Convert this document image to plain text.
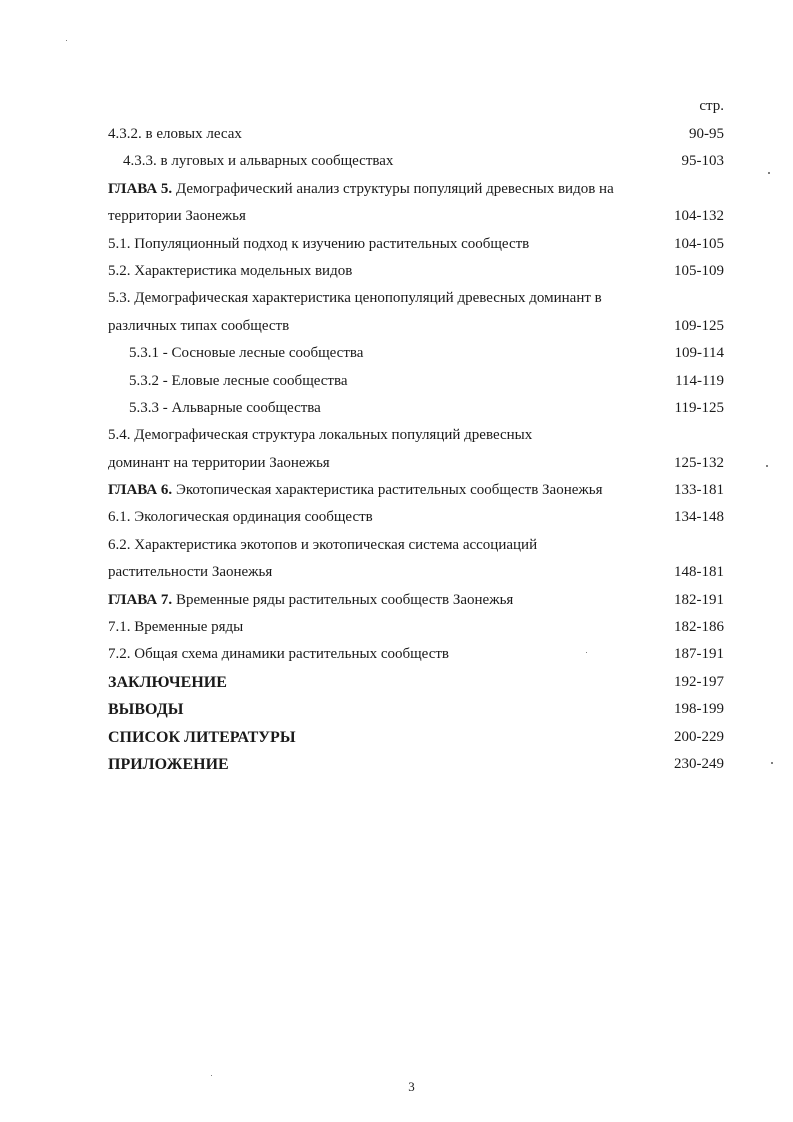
стр.
4.3.2. в еловых лесах	90-95
4.3.3. в луговых и альварных сообществах	95-103
ГЛАВА 5. Демографический анализ структуры популяций древесных видов на
территории Заонежья	104-132
5.1. Популяционный подход к изучению растительных сообществ	104-105
5.2. Характеристика модельных видов	105-109
5.3. Демографическая характеристика ценопопуляций древесных доминант в
различных типах сообществ	109-125
5.3.1 - Сосновые лесные сообщества	109-114
5.3.2 - Еловые лесные сообщества	114-119
5.3.3 - Альварные сообщества	119-125
5.4. Демографическая структура локальных популяций древесных
доминант на территории Заонежья	125-132
ГЛАВА 6. Экотопическая характеристика растительных сообществ Заонежья	133-181
6.1. Экологическая ординация сообществ	134-148
6.2. Характеристика экотопов и экотопическая система ассоциаций
растительности Заонежья	148-181
ГЛАВА 7. Временные ряды растительных сообществ Заонежья	182-191
7.1. Временные ряды	182-186
7.2. Общая схема динамики растительных сообществ	187-191
ЗАКЛЮЧЕНИЕ	192-197
ВЫВОДЫ	198-199
СПИСОК ЛИТЕРАТУРЫ	200-229
ПРИЛОЖЕНИЕ	230-249
3
